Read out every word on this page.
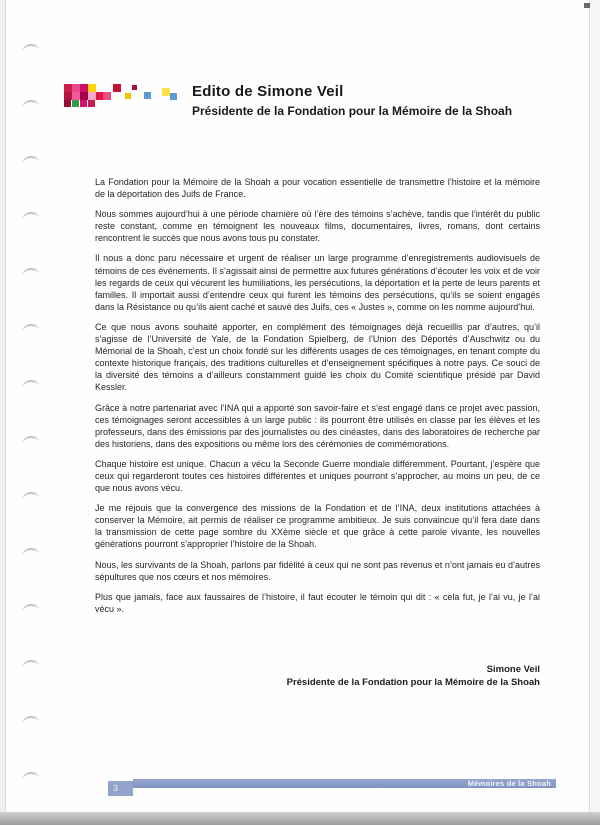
Edito de Simone Veil
Présidente de la Fondation pour la Mémoire de la Shoah

La Fondation pour la Mémoire de la Shoah a pour vocation essentielle de transmettre l’histoire et la mémoire de la déportation des Juifs de France.

Nous sommes aujourd’hui à une période charnière où l’ère des témoins s’achève, tandis que l’intérêt du public reste constant, comme en témoignent les nouveaux films, documentaires, livres, romans, dont certains rencontrent le succès que nous avons tous pu constater.

Il nous a donc paru nécessaire et urgent de réaliser un large programme d’enregistrements audiovisuels de témoins de ces événements. Il s’agissait ainsi de permettre aux futures générations d’écouter les voix et de voir les regards de ceux qui vécurent les humiliations, les persécutions, la déportation et la perte de leurs parents et familles. Il importait aussi d’entendre ceux qui furent les témoins des persécutions, qu’ils se soient engagés dans la Résistance ou qu’ils aient caché et sauvé des Juifs, ces « Justes », comme on les nomme aujourd’hui.

Ce que nous avons souhaité apporter, en complément des témoignages déjà recueillis par d’autres, qu’il s’agisse de l’Université de Yale, de la Fondation Spielberg, de l’Union des Déportés d’Auschwitz ou du Mémorial de la Shoah, c’est un choix fondé sur les différents usages de ces témoignages, en tenant compte du contexte historique français, des traditions culturelles et d’enseignement spécifiques à notre pays. Ce souci de la diversité des témoins a d’ailleurs constamment guidé les choix du Comité scientifique présidé par David Kessler.

Grâce à notre partenariat avec l’INA qui a apporté son savoir-faire et s’est engagé dans ce projet avec passion, ces témoignages seront accessibles à un large public : ils pourront être utilisés en classe par les élèves et les professeurs, dans des émissions par des journalistes ou des cinéastes, dans des laboratoires de recherche par des historiens, dans des expositions ou même lors des cérémonies de commémorations.

Chaque histoire est unique. Chacun a vécu la Seconde Guerre mondiale différemment. Pourtant, j’espère que ceux qui regarderont toutes ces histoires différentes et uniques pourront s’approcher, au moins un peu, de ce que nous avons vécu.

Je me réjouis que la convergence des missions de la Fondation et de l’INA, deux institutions attachées à conserver la Mémoire, ait permis de réaliser ce programme ambitieux. Je suis convaincue qu’il fera date dans la transmission de cette page sombre du XXème siècle et que grâce à cette parole vivante, les nouvelles générations pourront s’approprier l’histoire de la Shoah.

Nous, les survivants de la Shoah, parlons par fidélité à ceux qui ne sont pas revenus et n’ont jamais eu d’autres sépultures que nos cœurs et nos mémoires.

Plus que jamais, face aux faussaires de l’histoire, il faut écouter le témoin qui dit : « cela fut, je l’ai vu, je l’ai vécu ».

Simone Veil
Présidente de la Fondation pour la Mémoire de la Shoah
Mémoires de la Shoah
3
